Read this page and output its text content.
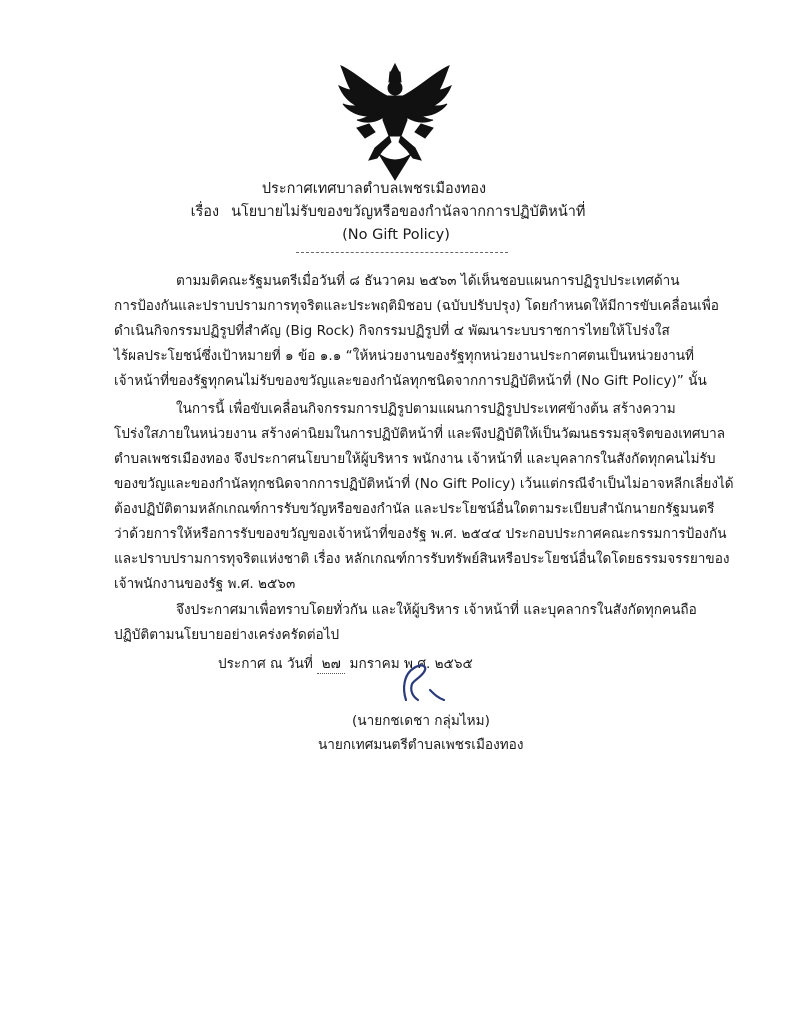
ประกาศเทศบาลตำบลเพชรเมืองทอง
เรื่อง นโยบายไม่รับของขวัญหรือของกำนัลจากการปฏิบัติหน้าที่
(No Gift Policy)
ตามมติคณะรัฐมนตรีเมื่อวันที่ ๘ ธันวาคม ๒๕๖๓ ได้เห็นชอบแผนการปฏิรูปประเทศด้าน
การป้องกันและปราบปรามการทุจริตและประพฤติมิชอบ (ฉบับปรับปรุง) โดยกำหนดให้มีการขับเคลื่อนเพื่อ
ดำเนินกิจกรรมปฏิรูปที่สำคัญ (Big Rock) กิจกรรมปฏิรูปที่ ๔ พัฒนาระบบราชการไทยให้โปร่งใส
ไร้ผลประโยชน์ซึ่งเป้าหมายที่ ๑ ข้อ ๑.๑ “ให้หน่วยงานของรัฐทุกหน่วยงานประกาศตนเป็นหน่วยงานที่
เจ้าหน้าที่ของรัฐทุกคนไม่รับของขวัญและของกำนัลทุกชนิดจากการปฏิบัติหน้าที่ (No Gift Policy)” นั้น
ในการนี้ เพื่อขับเคลื่อนกิจกรรมการปฏิรูปตามแผนการปฏิรูปประเทศข้างต้น สร้างความ
โปร่งใสภายในหน่วยงาน สร้างค่านิยมในการปฏิบัติหน้าที่ และพึงปฏิบัติให้เป็นวัฒนธรรมสุจริตของเทศบาล
ตำบลเพชรเมืองทอง จึงประกาศนโยบายให้ผู้บริหาร พนักงาน เจ้าหน้าที่ และบุคลากรในสังกัดทุกคนไม่รับ
ของขวัญและของกำนัลทุกชนิดจากการปฏิบัติหน้าที่ (No Gift Policy) เว้นแต่กรณีจำเป็นไม่อาจหลีกเลี่ยงได้
ต้องปฏิบัติตามหลักเกณฑ์การรับขวัญหรือของกำนัล และประโยชน์อื่นใดตามระเบียบสำนักนายกรัฐมนตรี
ว่าด้วยการให้หรือการรับของขวัญของเจ้าหน้าที่ของรัฐ พ.ศ. ๒๕๔๔ ประกอบประกาศคณะกรรมการป้องกัน
และปราบปรามการทุจริตแห่งชาติ เรื่อง หลักเกณฑ์การรับทรัพย์สินหรือประโยชน์อื่นใดโดยธรรมจรรยาของ
เจ้าพนักงานของรัฐ พ.ศ. ๒๕๖๓
จึงประกาศมาเพื่อทราบโดยทั่วกัน และให้ผู้บริหาร เจ้าหน้าที่ และบุคลากรในสังกัดทุกคนถือ
ปฏิบัติตามนโยบายอย่างเคร่งครัดต่อไป
ประกาศ ณ วันที่ ๒๗ มกราคม พ.ศ. ๒๕๖๕
(นายกชเดชา กลุ่มไหม)
นายกเทศมนตรีตำบลเพชรเมืองทอง
